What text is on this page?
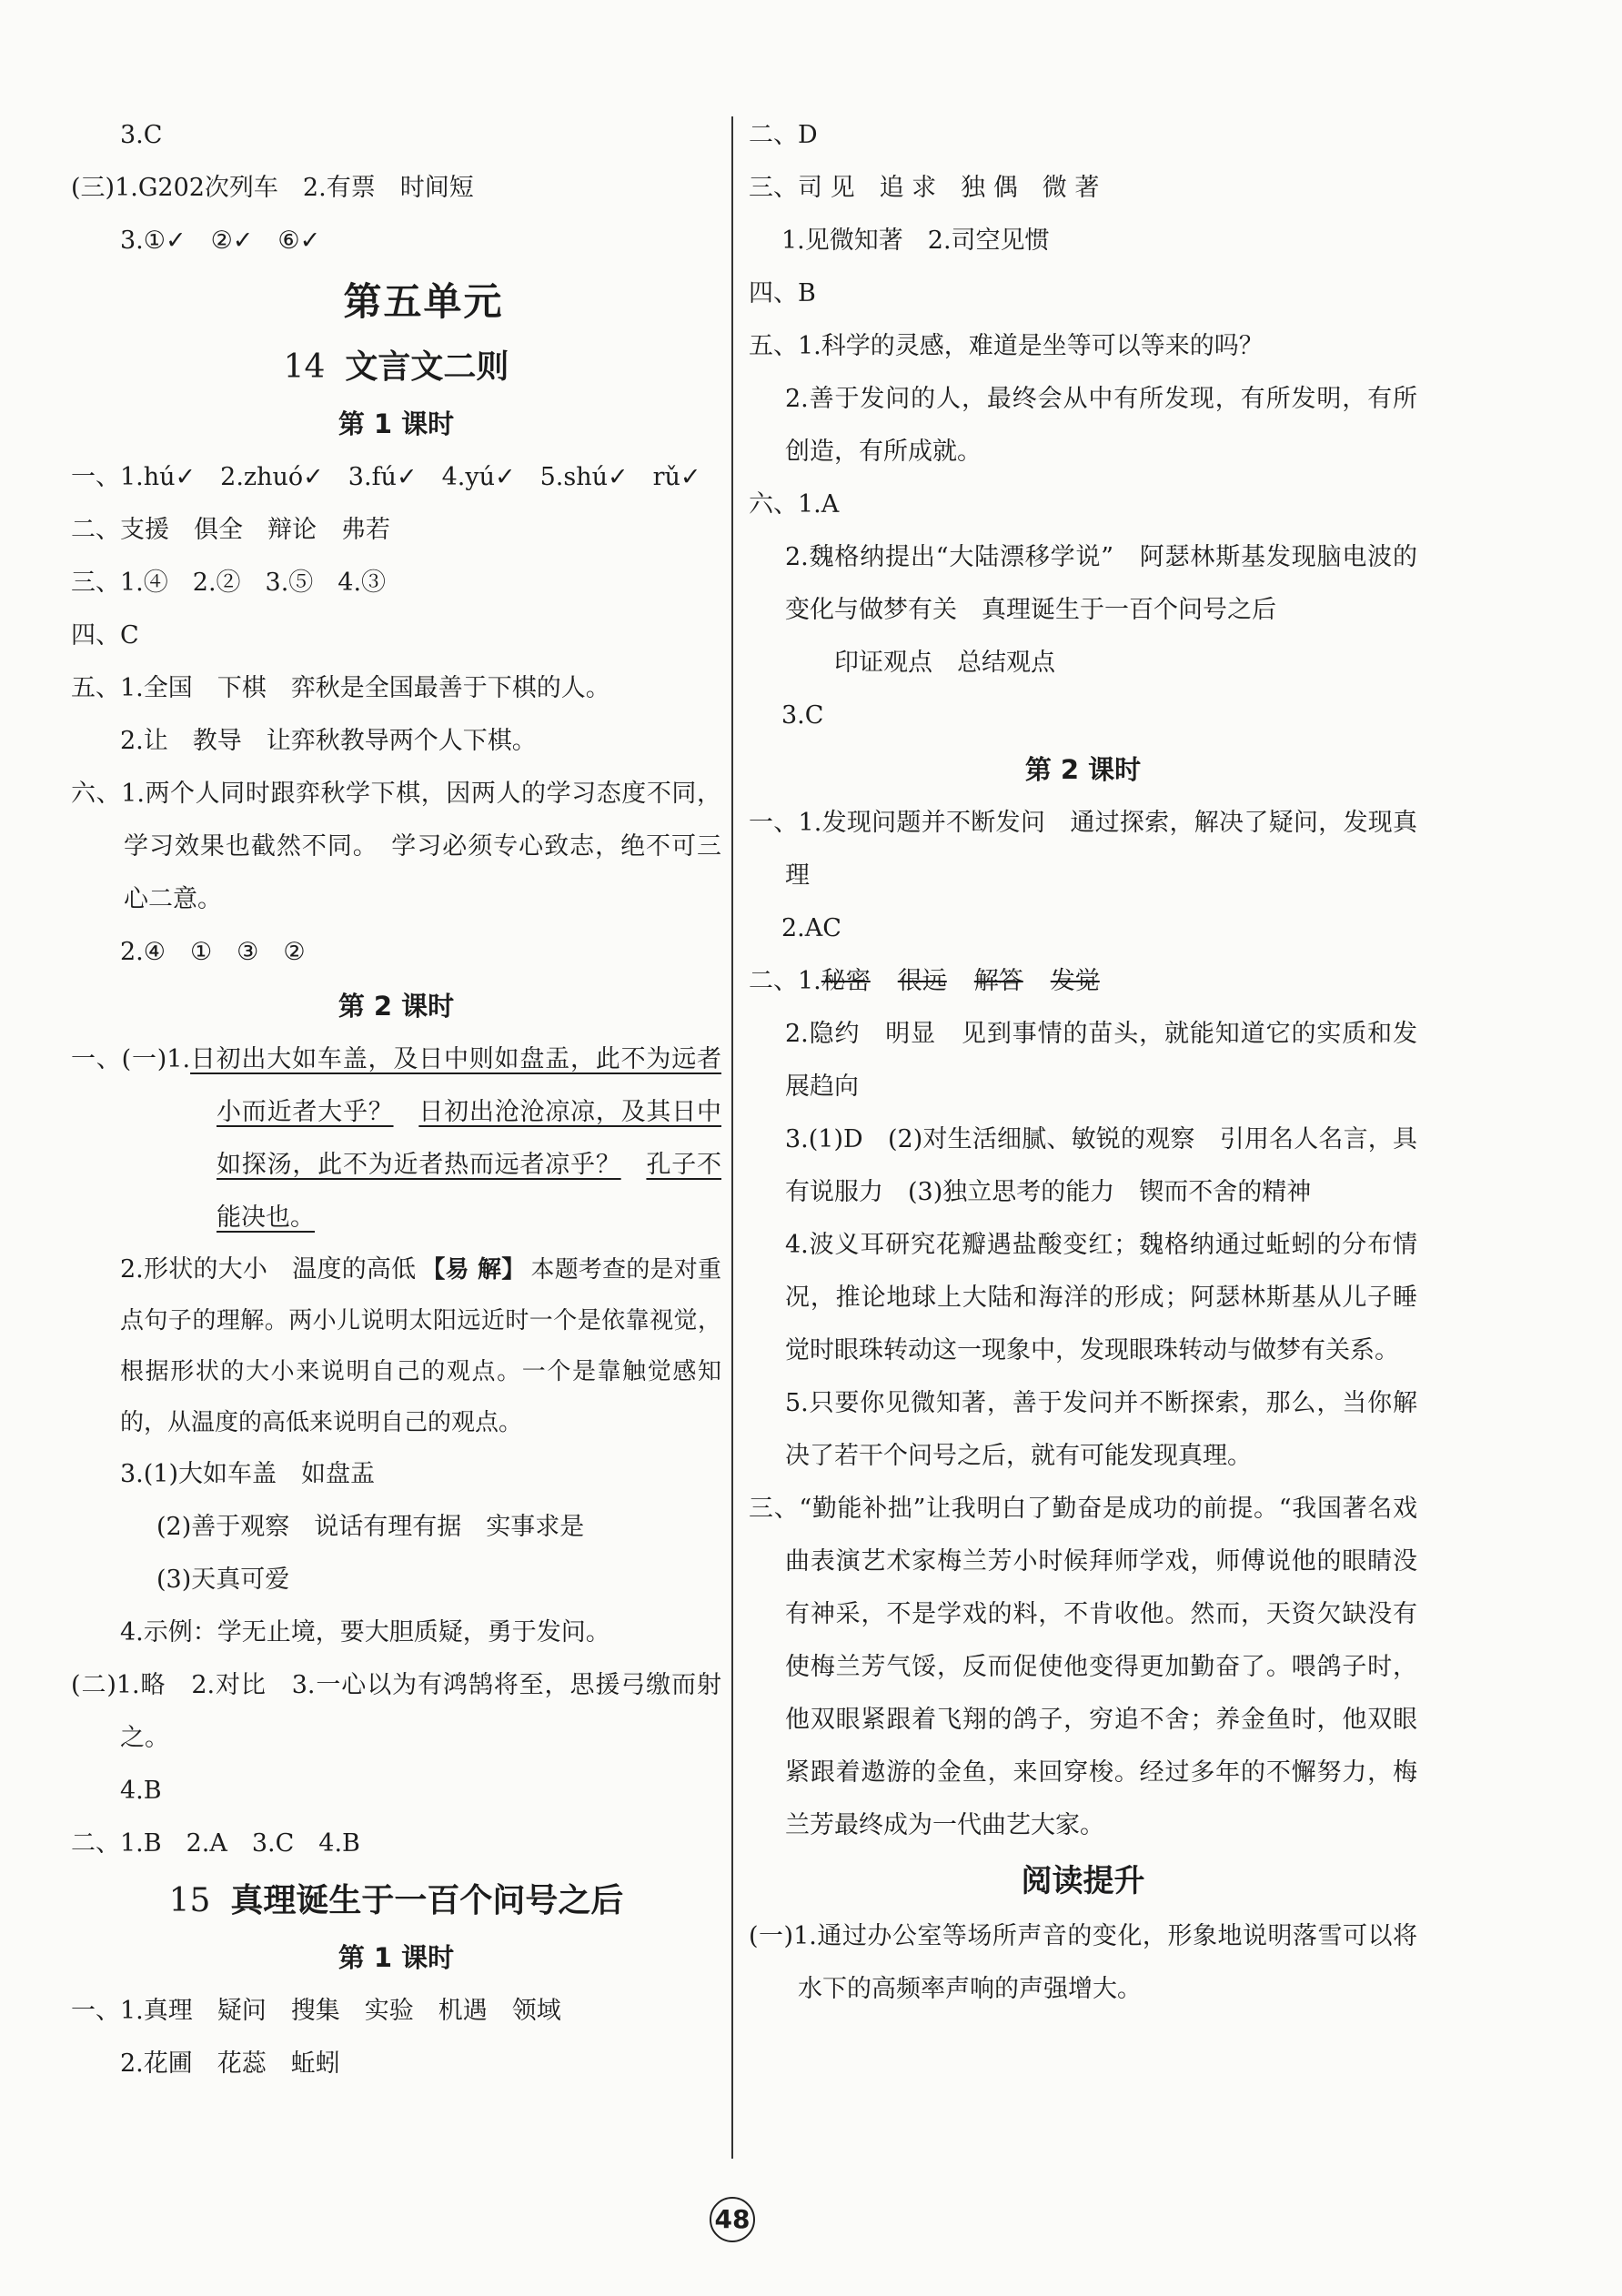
3.C
(三)1.G202次列车　2.有票　时间短
3.①✓　②✓　⑥✓
第五单元
14 文言文二则
第 1 课时
一、1.hú✓　2.zhuó✓　3.fú✓　4.yú✓　5.shú✓　rǔ✓
二、支援　俱全　辩论　弗若
三、1.④　2.②　3.⑤　4.③
四、C
五、1.全国　下棋　弈秋是全国最善于下棋的人。
2.让　教导　让弈秋教导两个人下棋。
六、1.两个人同时跟弈秋学下棋，因两人的学习态度不同，学习效果也截然不同。　学习必须专心致志，绝不可三心二意。
2.④　①　③　②
第 2 课时
一、(一)1.日初出大如车盖，及日中则如盘盂，此不为远者小而近者大乎？　 日初出沧沧凉凉，及其日中如探汤，此不为近者热而远者凉乎？　 孔子不能决也。
2.形状的大小　温度的高低 【易 解】 本题考查的是对重点句子的理解。两小儿说明太阳远近时一个是依靠视觉，根据形状的大小来说明自己的观点。一个是靠触觉感知的，从温度的高低来说明自己的观点。
3.(1)大如车盖　如盘盂
(2)善于观察　说话有理有据　实事求是
(3)天真可爱
4.示例：学无止境，要大胆质疑，勇于发问。
(二)1.略　2.对比　3.一心以为有鸿鹄将至，思援弓缴而射之。
4.B
二、1.B　2.A　3.C　4.B
15 真理诞生于一百个问号之后
第 1 课时
一、1.真理　疑问　搜集　实验　机遇　领域
2.花圃　花蕊　蚯蚓
二、D
三、司 见　追 求　独 偶　微 著
1.见微知著　2.司空见惯
四、B
五、1.科学的灵感，难道是坐等可以等来的吗？
2.善于发问的人，最终会从中有所发现，有所发明，有所创造，有所成就。
六、1.A
2.魏格纳提出“大陆漂移学说”　阿瑟林斯基发现脑电波的变化与做梦有关　真理诞生于一百个问号之后
印证观点　总结观点
3.C
第 2 课时
一、1.发现问题并不断发问　通过探索，解决了疑问，发现真理
2.AC
二、1.秘密 很远 解答 发觉
2.隐约　明显　见到事情的苗头，就能知道它的实质和发展趋向
3.(1)D　(2)对生活细腻、敏锐的观察　引用名人名言，具有说服力　(3)独立思考的能力　锲而不舍的精神
4.波义耳研究花瓣遇盐酸变红；魏格纳通过蚯蚓的分布情况，推论地球上大陆和海洋的形成；阿瑟林斯基从儿子睡觉时眼珠转动这一现象中，发现眼珠转动与做梦有关系。
5.只要你见微知著，善于发问并不断探索，那么，当你解决了若干个问号之后，就有可能发现真理。
三、“勤能补拙”让我明白了勤奋是成功的前提。“我国著名戏曲表演艺术家梅兰芳小时候拜师学戏，师傅说他的眼睛没有神采，不是学戏的料，不肯收他。然而，天资欠缺没有使梅兰芳气馁，反而促使他变得更加勤奋了。喂鸽子时，他双眼紧跟着飞翔的鸽子，穷追不舍；养金鱼时，他双眼紧跟着遨游的金鱼，来回穿梭。经过多年的不懈努力，梅兰芳最终成为一代曲艺大家。
阅读提升
(一)1.通过办公室等场所声音的变化，形象地说明落雪可以将水下的高频率声响的声强增大。
48
